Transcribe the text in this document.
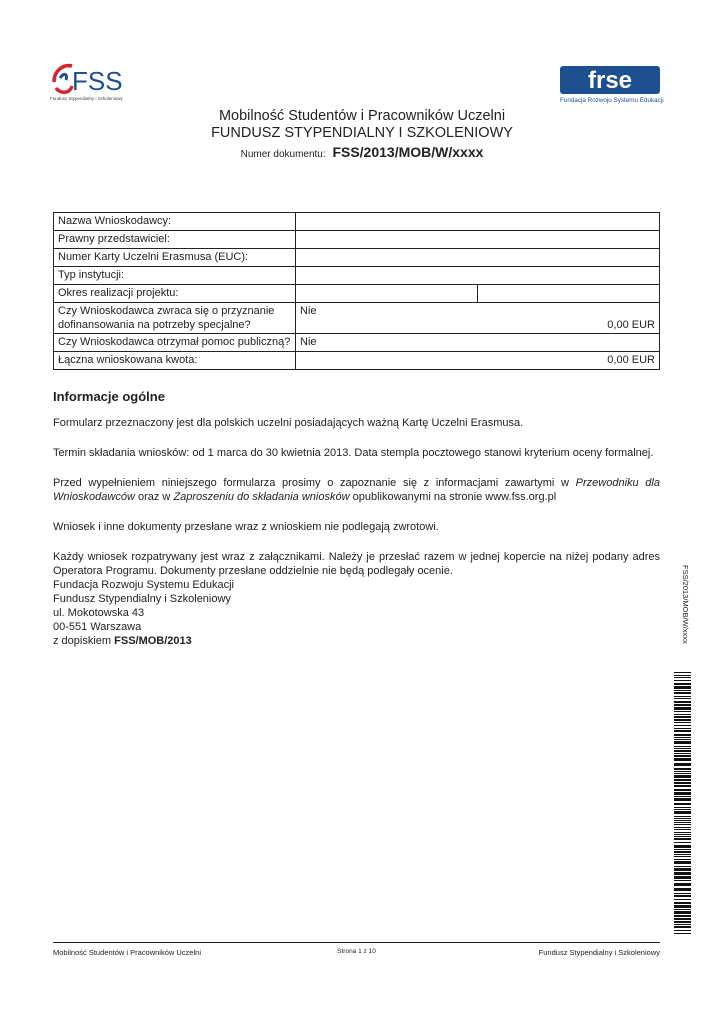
FSS
Fundusz Stypendialny i Szkoleniowy
frse
Fundacja Rozwoju Systemu Edukacji
Mobilność Studentów i Pracowników Uczelni
FUNDUSZ STYPENDIALNY I SZKOLENIOWY
Numer dokumentu: FSS/2013/MOB/W/xxxx
Nazwa Wnioskodawcy:	
Prawny przedstawiciel:	
Numer Karty Uczelni Erasmusa (EUC):	
Typ instytucji:	
Okres realizacji projektu:	

Czy Wnioskodawca zwraca się o przyznanie dofinansowania na potrzeby specjalne?	Nie
0,00 EUR

Czy Wnioskodawca otrzymał pomoc publiczną?	Nie
Łączna wnioskowana kwota:	0,00 EUR
Informacje ogólne

Formularz przeznaczony jest dla polskich uczelni posiadających ważną Kartę Uczelni Erasmusa.

Termin składania wniosków: od 1 marca do 30 kwietnia 2013. Data stempla pocztowego stanowi kryterium oceny formalnej.

Przed wypełnieniem niniejszego formularza prosimy o zapoznanie się z informacjami zawartymi w Przewodniku dla Wnioskodawców oraz w Zaproszeniu do składania wniosków opublikowanymi na stronie www.fss.org.pl

Wniosek i inne dokumenty przesłane wraz z wnioskiem nie podlegają zwrotowi.

Każdy wniosek rozpatrywany jest wraz z załącznikami. Należy je przesłać razem w jednej kopercie na niżej podany adres Operatora Programu. Dokumenty przesłane oddzielnie nie będą podlegały ocenie.

Fundacja Rozwoju Systemu Edukacji
Fundusz Stypendialny i Szkoleniowy
ul. Mokotowska 43
00-551 Warszawa
z dopiskiem FSS/MOB/2013	FSS/2013/MOB/W/xxxx
Mobilność Studentów i Pracowników Uczelni	Strona 1 z 10	Fundusz Stypendialny i Szkoleniowy
